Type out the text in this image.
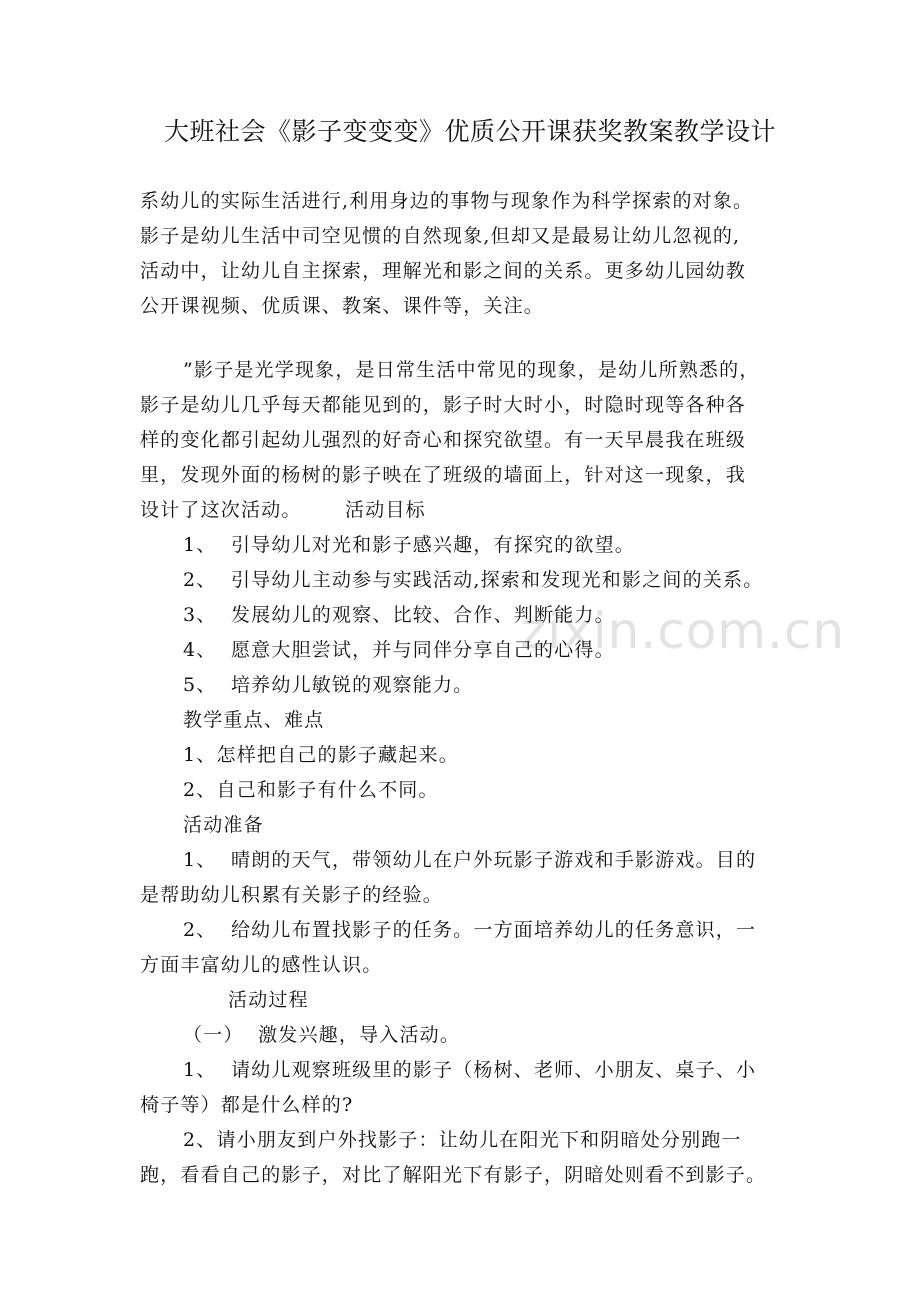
zixin.com.cn
大班社会《影子变变变》优质公开课获奖教案教学设计
系幼儿的实际生活进行,利用身边的事物与现象作为科学探索的对象。
影子是幼儿生活中司空见惯的自然现象,但却又是最易让幼儿忽视的,
活动中，让幼儿自主探索，理解光和影之间的关系。更多幼儿园幼教
公开课视频、优质课、教案、课件等，关注。
”影子是光学现象，是日常生活中常见的现象，是幼儿所熟悉的，
影子是幼儿几乎每天都能见到的，影子时大时小，时隐时现等各种各
样的变化都引起幼儿强烈的好奇心和探究欲望。有一天早晨我在班级
里，发现外面的杨树的影子映在了班级的墙面上，针对这一现象，我
设计了这次活动。      活动目标
1、  引导幼儿对光和影子感兴趣，有探究的欲望。
2、  引导幼儿主动参与实践活动,探索和发现光和影之间的关系。
3、  发展幼儿的观察、比较、合作、判断能力。
4、  愿意大胆尝试，并与同伴分享自己的心得。
5、  培养幼儿敏锐的观察能力。
教学重点、难点
1、怎样把自己的影子藏起来。
2、自己和影子有什么不同。
活动准备
1、  晴朗的天气，带领幼儿在户外玩影子游戏和手影游戏。目的
是帮助幼儿积累有关影子的经验。
2、  给幼儿布置找影子的任务。一方面培养幼儿的任务意识，一
方面丰富幼儿的感性认识。
活动过程
（一）  激发兴趣，导入活动。
1、  请幼儿观察班级里的影子（杨树、老师、小朋友、桌子、小
椅子等）都是什么样的?
2、请小朋友到户外找影子：让幼儿在阳光下和阴暗处分别跑一
跑，看看自己的影子，对比了解阳光下有影子，阴暗处则看不到影子。
